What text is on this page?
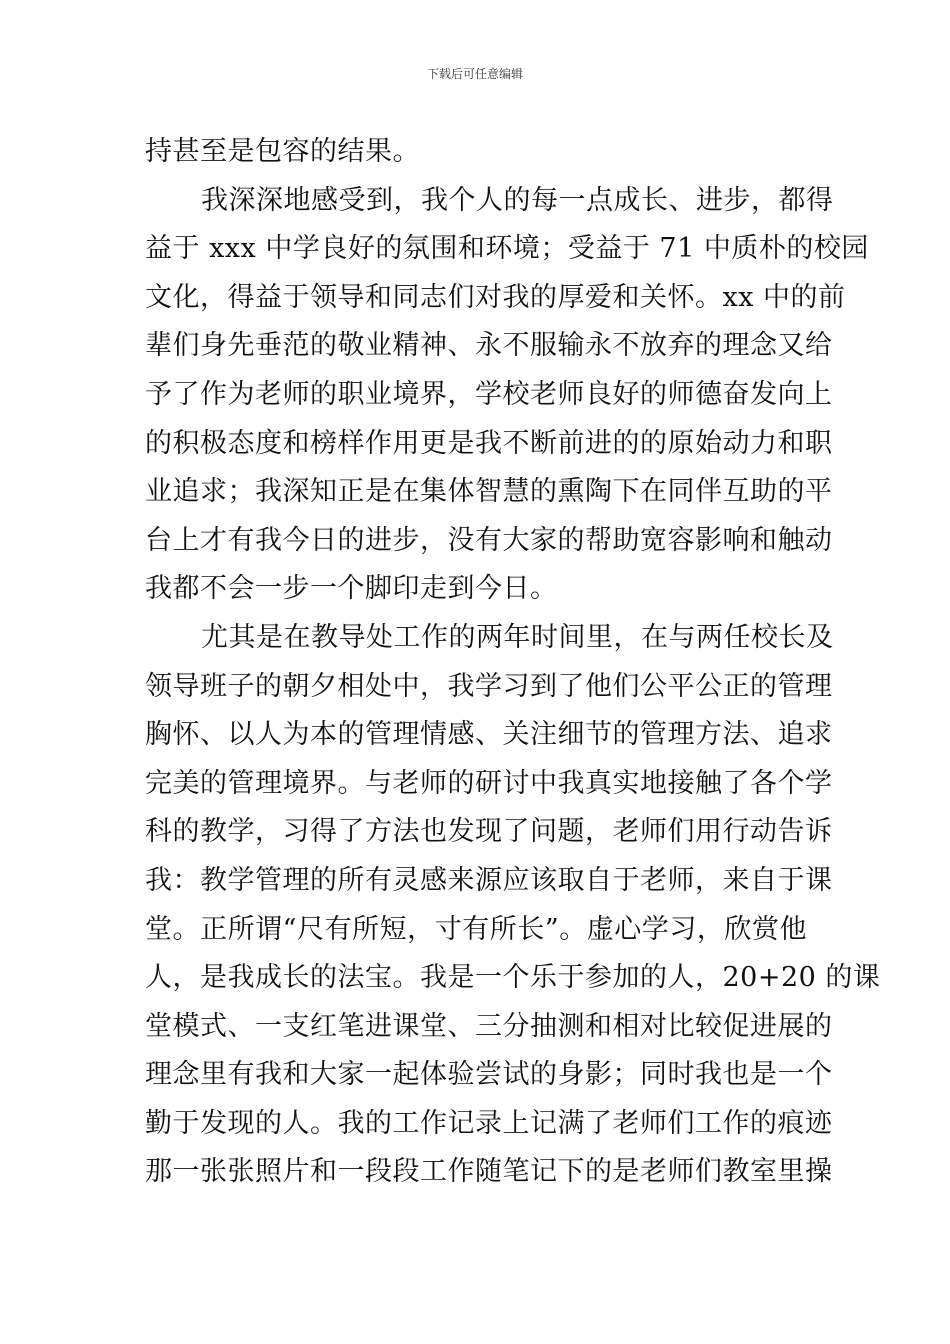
下载后可任意编辑
持甚至是包容的结果。
我深深地感受到，我个人的每一点成长、进步，都得
益于 xxx 中学良好的氛围和环境；受益于 71 中质朴的校园
文化，得益于领导和同志们对我的厚爱和关怀。xx 中的前
辈们身先垂范的敬业精神、永不服输永不放弃的理念又给
予了作为老师的职业境界，学校老师良好的师德奋发向上
的积极态度和榜样作用更是我不断前进的的原始动力和职
业追求；我深知正是在集体智慧的熏陶下在同伴互助的平
台上才有我今日的进步，没有大家的帮助宽容影响和触动
我都不会一步一个脚印走到今日。
尤其是在教导处工作的两年时间里，在与两任校长及
领导班子的朝夕相处中，我学习到了他们公平公正的管理
胸怀、以人为本的管理情感、关注细节的管理方法、追求
完美的管理境界。与老师的研讨中我真实地接触了各个学
科的教学，习得了方法也发现了问题，老师们用行动告诉
我：教学管理的所有灵感来源应该取自于老师，来自于课
堂。正所谓“尺有所短，寸有所长”。虚心学习，欣赏他
人，是我成长的法宝。我是一个乐于参加的人，20+20 的课
堂模式、一支红笔进课堂、三分抽测和相对比较促进展的
理念里有我和大家一起体验尝试的身影；同时我也是一个
勤于发现的人。我的工作记录上记满了老师们工作的痕迹
那一张张照片和一段段工作随笔记下的是老师们教室里操
